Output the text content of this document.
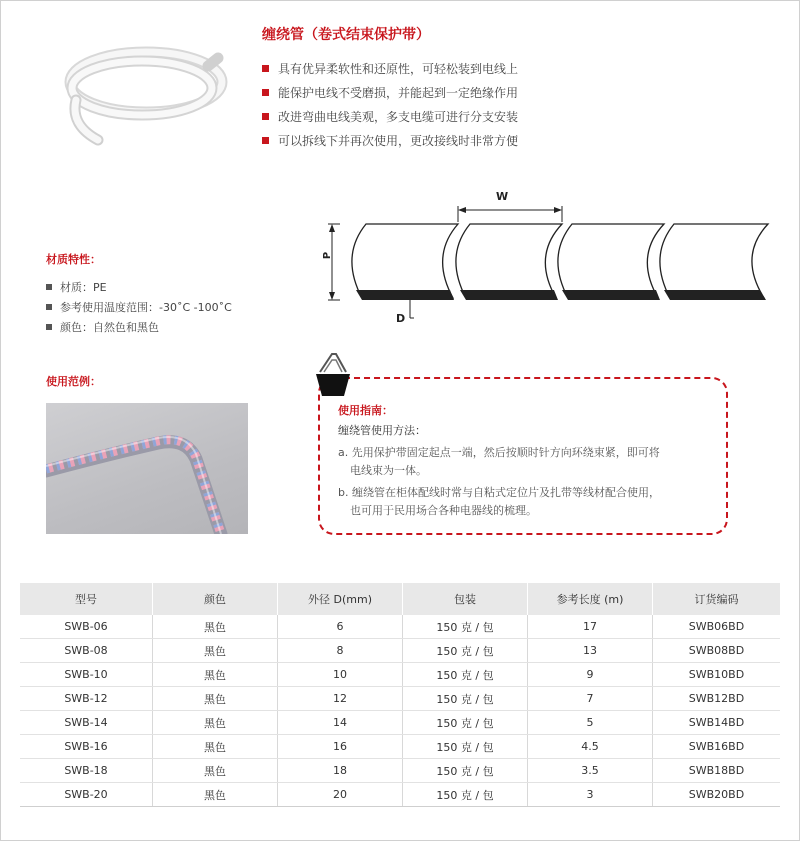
缠绕管（卷式结束保护带）
具有优异柔软性和还原性，可轻松装到电线上
能保护电线不受磨损，并能起到一定绝缘作用
改进弯曲电线美观，多支电缆可进行分支安装
可以拆线下并再次使用，更改接线时非常方便
W
P
D
材质特性：
材质：PE
参考使用温度范围：-30˚C -100˚C
颜色：自然色和黑色
使用范例：
使用指南：
缠绕管使用方法：
a. 先用保护带固定起点一端，然后按顺时针方向环绕束紧，即可将
电线束为一体。
b. 缠绕管在柜体配线时常与自粘式定位片及扎带等线材配合使用，
也可用于民用场合各种电器线的梳理。
型号	颜色	外径 D(mm)	包装	参考长度 (m)	订货编码
SWB-06	黑色	6	150 克 / 包	17	SWB06BD
SWB-08	黑色	8	150 克 / 包	13	SWB08BD
SWB-10	黑色	10	150 克 / 包	9	SWB10BD
SWB-12	黑色	12	150 克 / 包	7	SWB12BD
SWB-14	黑色	14	150 克 / 包	5	SWB14BD
SWB-16	黑色	16	150 克 / 包	4.5	SWB16BD
SWB-18	黑色	18	150 克 / 包	3.5	SWB18BD
SWB-20	黑色	20	150 克 / 包	3	SWB20BD
